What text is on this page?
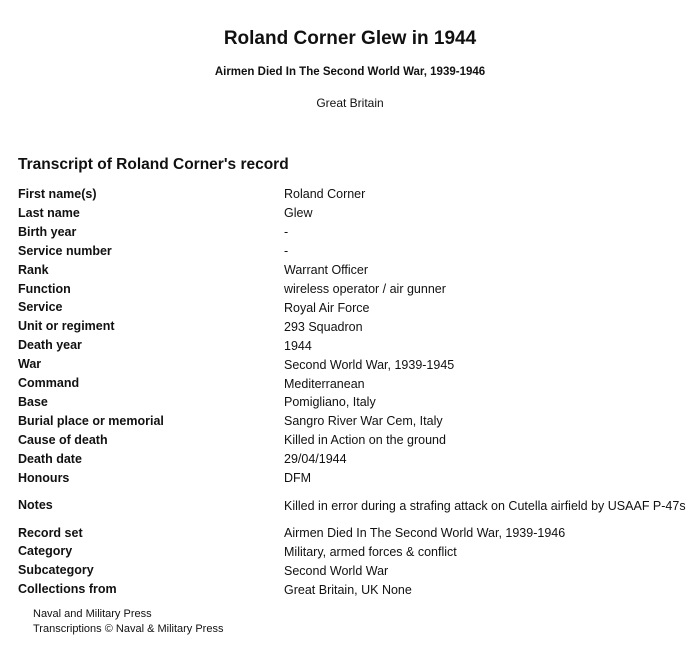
Roland Corner Glew in 1944
Airmen Died In The Second World War, 1939-1946
Great Britain
Transcript of Roland Corner's record
First name(s)	Roland Corner
Last name	Glew
Birth year	-
Service number	-
Rank	Warrant Officer
Function	wireless operator / air gunner
Service	Royal Air Force
Unit or regiment	293 Squadron
Death year	1944
War	Second World War, 1939-1945
Command	Mediterranean
Base	Pomigliano, Italy
Burial place or memorial	Sangro River War Cem, Italy
Cause of death	Killed in Action on the ground
Death date	29/04/1944
Honours	DFM
Notes	Killed in error during a strafing attack on Cutella airfield by USAAF P-47s
Record set	Airmen Died In The Second World War, 1939-1946
Category	Military, armed forces & conflict
Subcategory	Second World War
Collections from	Great Britain, UK None
Naval and Military Press
Transcriptions © Naval & Military Press
